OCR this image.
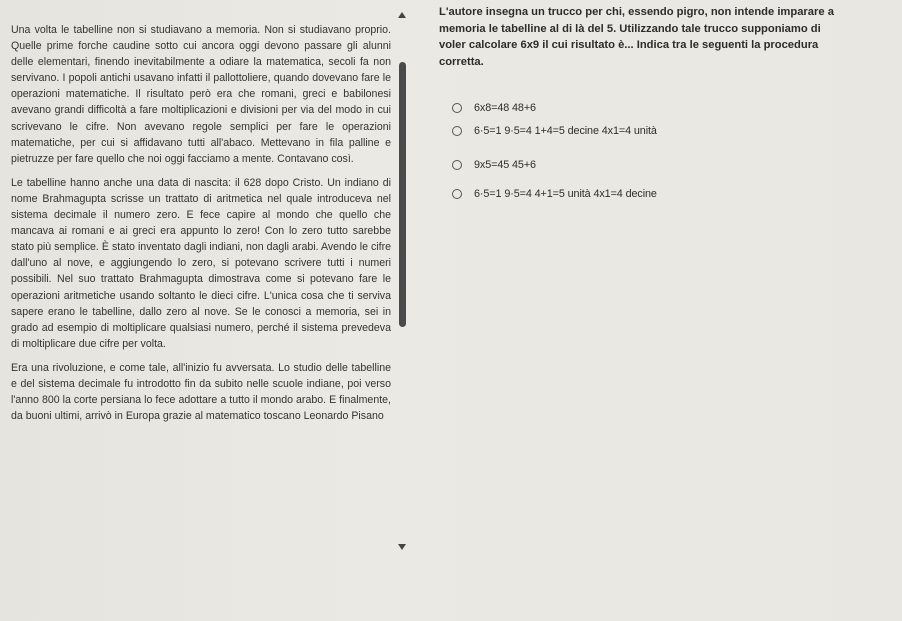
Una volta le tabelline non si studiavano a memoria. Non si studiavano proprio. Quelle prime forche caudine sotto cui ancora oggi devono passare gli alunni delle elementari, finendo inevitabilmente a odiare la matematica, secoli fa non servivano. I popoli antichi usavano infatti il pallottoliere, quando dovevano fare le operazioni matematiche. Il risultato però era che romani, greci e babilonesi avevano grandi difficoltà a fare moltiplicazioni e divisioni per via del modo in cui scrivevano le cifre. Non avevano regole semplici per fare le operazioni matematiche, per cui si affidavano tutti all'abaco. Mettevano in fila palline e pietruzze per fare quello che noi oggi facciamo a mente. Contavano così.

Le tabelline hanno anche una data di nascita: il 628 dopo Cristo. Un indiano di nome Brahmagupta scrisse un trattato di aritmetica nel quale introduceva nel sistema decimale il numero zero. E fece capire al mondo che quello che mancava ai romani e ai greci era appunto lo zero! Con lo zero tutto sarebbe stato più semplice. È stato inventato dagli indiani, non dagli arabi. Avendo le cifre dall'uno al nove, e aggiungendo lo zero, si potevano scrivere tutti i numeri possibili. Nel suo trattato Brahmagupta dimostrava come si potevano fare le operazioni aritmetiche usando soltanto le dieci cifre. L'unica cosa che ti serviva sapere erano le tabelline, dallo zero al nove. Se le conosci a memoria, sei in grado ad esempio di moltiplicare qualsiasi numero, perché il sistema prevedeva di moltiplicare due cifre per volta.

Era una rivoluzione, e come tale, all'inizio fu avversata. Lo studio delle tabelline e del sistema decimale fu introdotto fin da subito nelle scuole indiane, poi verso l'anno 800 la corte persiana lo fece adottare a tutto il mondo arabo. E finalmente, da buoni ultimi, arrivò in Europa grazie al matematico toscano Leonardo Pisano

L'autore insegna un trucco per chi, essendo pigro, non intende imparare a memoria le tabelline al di là del 5. Utilizzando tale trucco supponiamo di voler calcolare 6x9 il cui risultato è... Indica tra le seguenti la procedura corretta.
6x8=48 48+6
6·5=1 9·5=4 1+4=5 decine 4x1=4 unità
9x5=45 45+6
6·5=1 9·5=4 4+1=5 unità 4x1=4 decine
